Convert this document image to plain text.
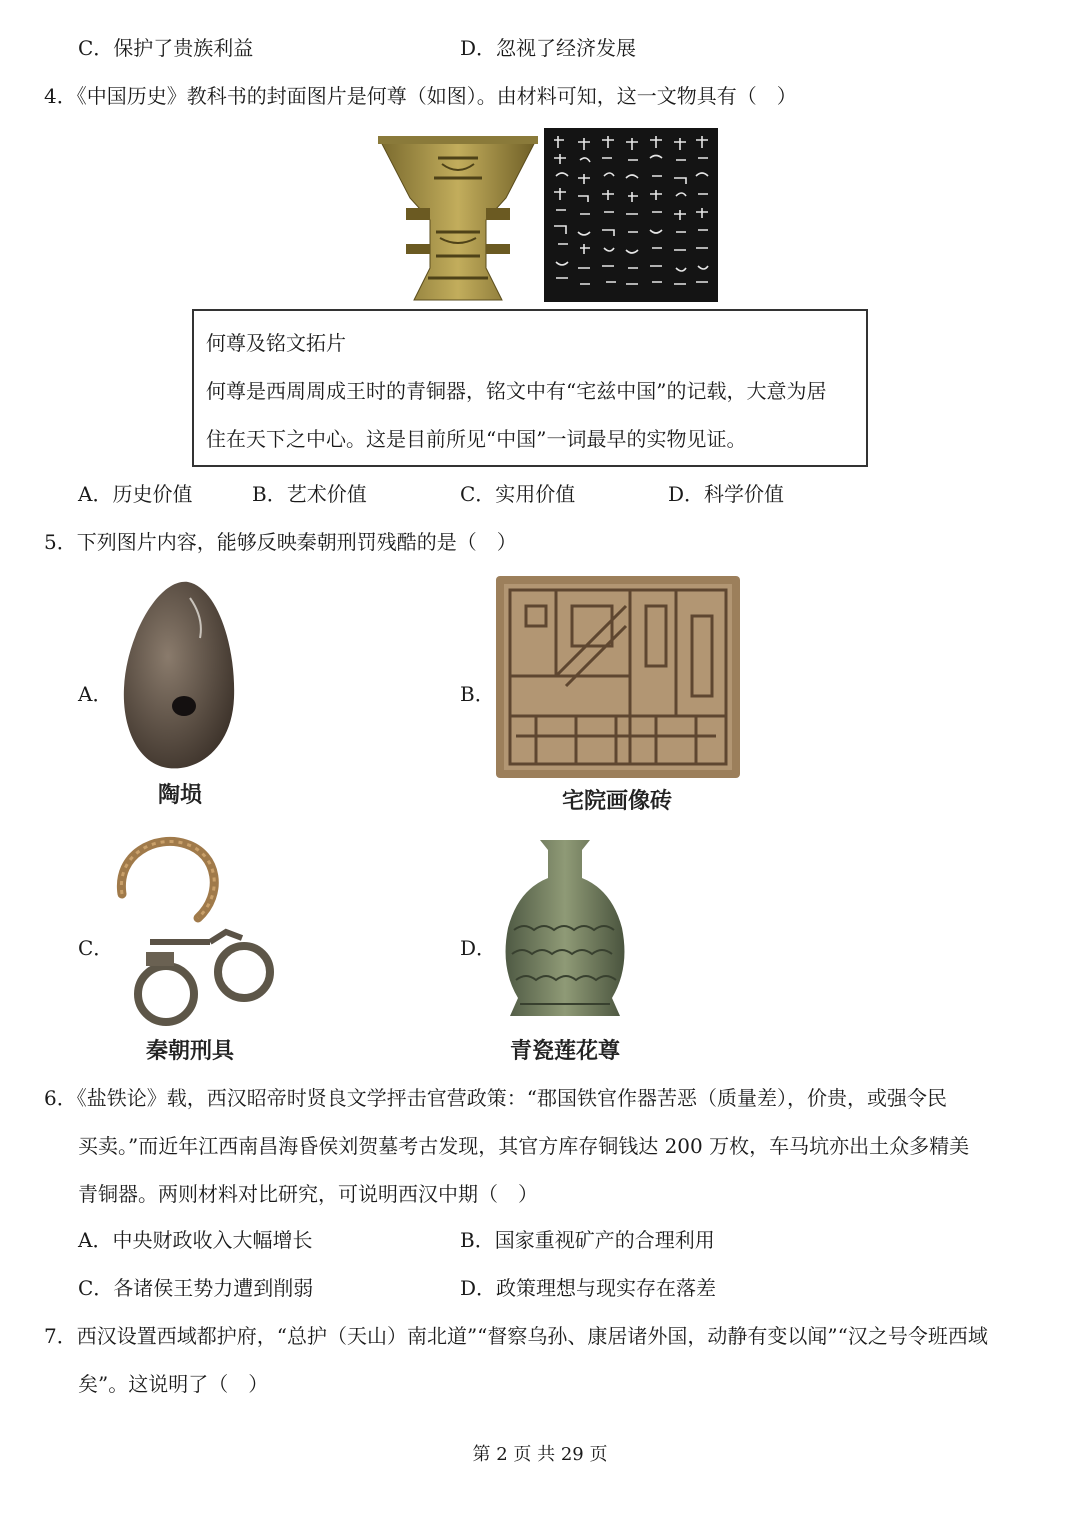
C．保护了贵族利益	D．忽视了经济发展
4．《中国历史》教科书的封面图片是何尊（如图）。由材料可知，这一文物具有（　）
何尊及铭文拓片
何尊是西周周成王时的青铜器，铭文中有“宅兹中国”的记载，大意为居
住在天下之中心。这是目前所见“中国”一词最早的实物见证。
A．历史价值	B．艺术价值	C．实用价值	D．科学价值
5．下列图片内容，能够反映秦朝刑罚残酷的是（　）
A．
陶埙
B．
宅院画像砖
C．
秦朝刑具
D．
青瓷莲花尊
6．《盐铁论》载，西汉昭帝时贤良文学抨击官营政策：“郡国铁官作器苦恶（质量差），价贵，或强令民
买卖。”而近年江西南昌海昏侯刘贺墓考古发现，其官方库存铜钱达 200 万枚，车马坑亦出土众多精美
青铜器。两则材料对比研究，可说明西汉中期（　）
A．中央财政收入大幅增长	B．国家重视矿产的合理利用
C．各诸侯王势力遭到削弱	D．政策理想与现实存在落差
7．西汉设置西域都护府，“总护（天山）南北道”“督察乌孙、康居诸外国，动静有变以闻”“汉之号令班西域
矣”。这说明了（　）
第 2 页 共 29 页
